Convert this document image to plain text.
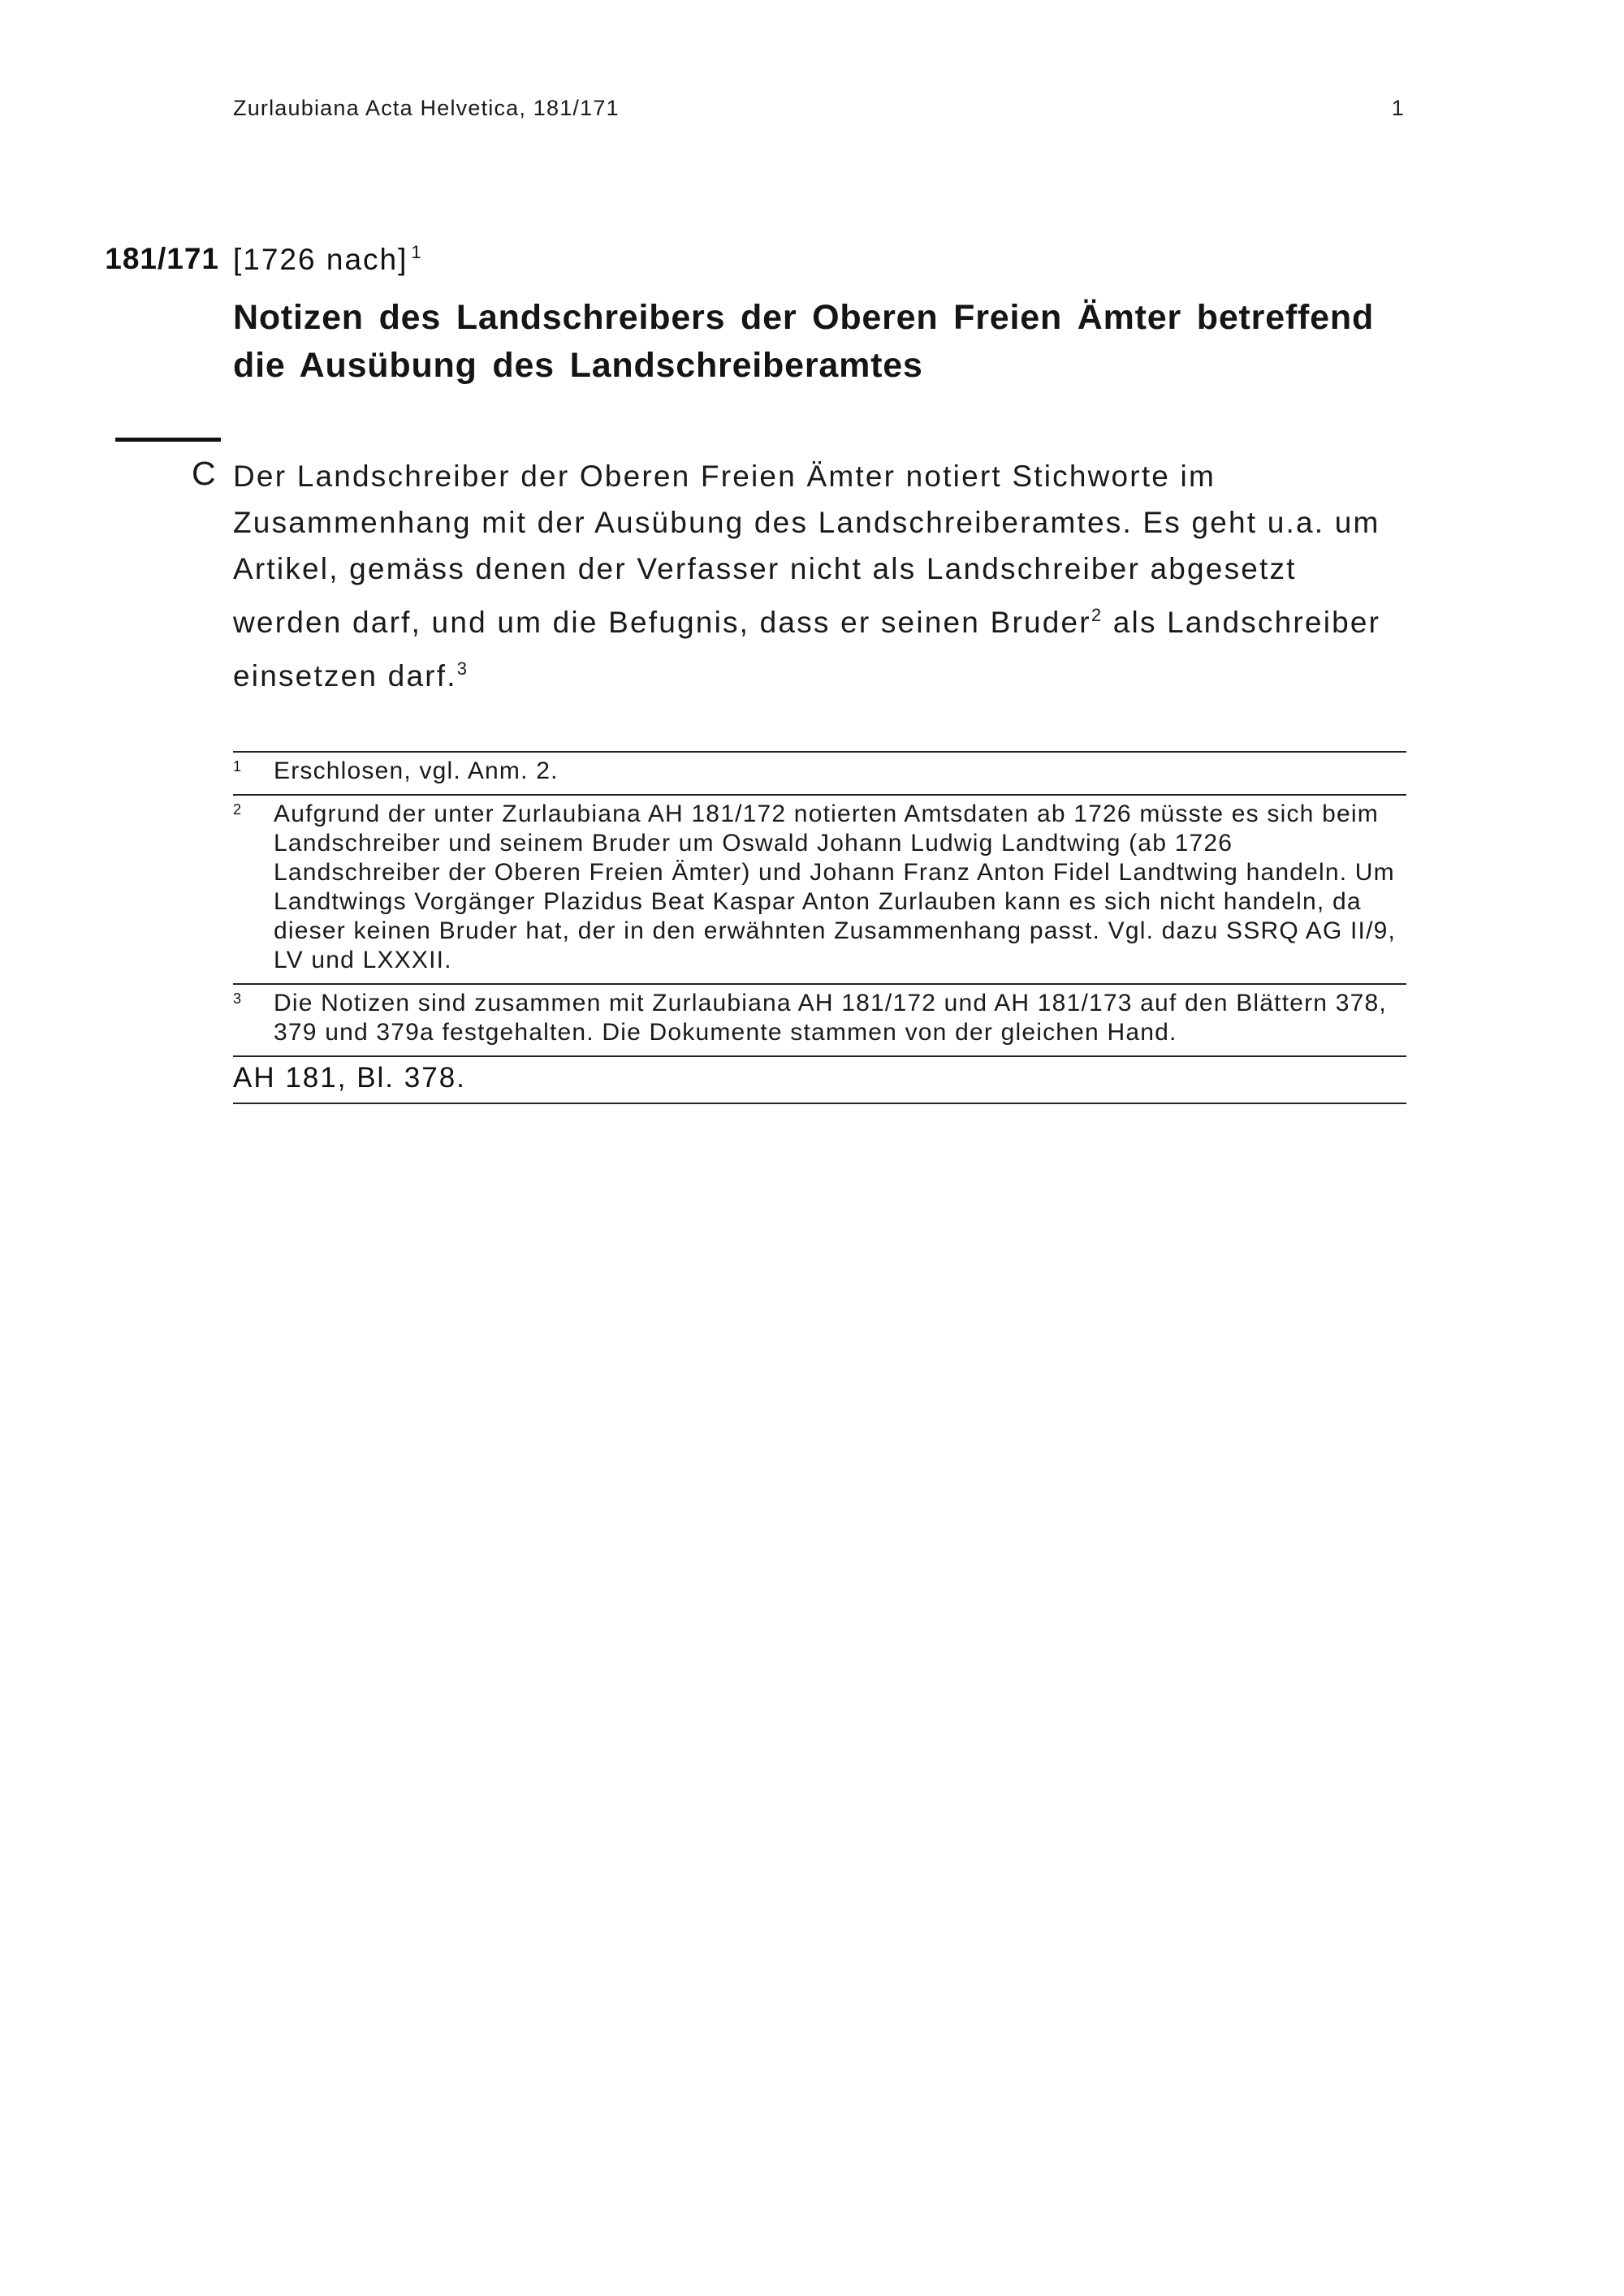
Zurlaubiana Acta Helvetica, 181/171	1
181/171 [1726 nach] $^1$
Notizen des Landschreibers der Oberen Freien Ämter betreffend die Ausübung des Landschreiberamtes
C Der Landschreiber der Oberen Freien Ämter notiert Stichworte im Zusammenhang mit der Ausübung des Landschreiberamtes. Es geht u.a. um Artikel, gemäss denen der Verfasser nicht als Landschreiber abgesetzt werden darf, und um die Befugnis, dass er seinen Bruder$^2$ als Landschreiber einsetzen darf.$^3$
1	Erschlosen, vgl. Anm. 2.
2	Aufgrund der unter Zurlaubiana AH 181/172 notierten Amtsdaten ab 1726 müsste es sich beim Landschreiber und seinem Bruder um Oswald Johann Ludwig Landtwing (ab 1726 Landschreiber der Oberen Freien Ämter) und Johann Franz Anton Fidel Landtwing handeln. Um Landtwings Vorgänger Plazidus Beat Kaspar Anton Zurlauben kann es sich nicht handeln, da dieser keinen Bruder hat, der in den erwähnten Zusammenhang passt. Vgl. dazu SSRQ AG II/9, LV und LXXXII.
3	Die Notizen sind zusammen mit Zurlaubiana AH 181/172 und AH 181/173 auf den Blättern 378, 379 und 379a festgehalten. Die Dokumente stammen von der gleichen Hand.
AH 181, Bl. 378.
